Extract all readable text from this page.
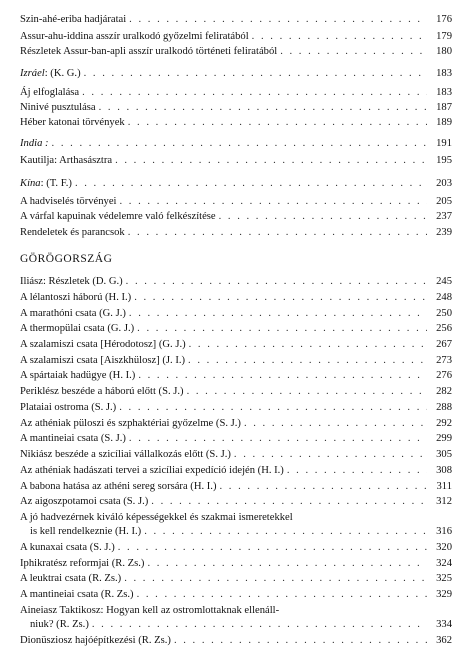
Szin-ahé-eriba hadjáratai . . .	176
Assur-ahu-iddina asszír uralkodó győzelmi feliratából . . .	179
Részletek Assur-ban-apli asszír uralkodó történeti feliratából . . .	180
Izráel: (K. G.) . . .	183
Áj elfoglalása . . .	183
Ninivé pusztulása . . .	187
Héber katonai törvények . . .	189
India : . . .	191
Kautilja: Arthasásztra . . .	195
Kína: (T. F.) . . .	203
A hadviselés törvényei . . .	205
A várfal kapuinak védelemre való felkészítése . . .	237
Rendeletek és parancsok . . .	239
GÖRÖGORSZÁG
Iliász: Részletek (D. G.) . . .	245
A lélantoszi háború (H. I.) . . .	248
A marathóni csata (G. J.) . . .	250
A thermopülai csata (G. J.) . . .	256
A szalamiszi csata [Hérodotosz] (G. J.) . . .	267
A szalamiszi csata [Aiszkhülosz] (J. I.) . . .	273
A spártaiak hadügye (H. I.) . . .	276
Periklész beszéde a háború előtt (S. J.) . . .	282
Plataiai ostroma (S. J.) . . .	288
Az athéniak püloszi és szphaktériai győzelme (S. J.) . . .	292
A mantineiai csata (S. J.) . . .	299
Nikiász beszéde a szicíliai vállalkozás előtt (S. J.) . . .	305
Az athéniak hadászati tervei a szicíliai expedíció idején (H. I.) . . .	308
A babona hatása az athéni sereg sorsára (H. I.) . . .	311
Az aigoszpotamoi csata (S. J.) . . .	312
A jó hadvezérnek kiváló képességekkel és szakmai ismeretekkel
is kell rendelkeznie (H. I.) . . .	316
A kunaxai csata (S. J.) . . .	320
Iphikratész reformjai (R. Zs.) . . .	324
A leuktrai csata (R. Zs.) . . .	325
A mantineiai csata (R. Zs.) . . .	329
Aineiasz Taktikosz: Hogyan kell az ostromlottaknak ellenáll-
niuk? (R. Zs.) . . .	334
Dionüsziosz hajóépítkezési (R. Zs.) . . .	362
